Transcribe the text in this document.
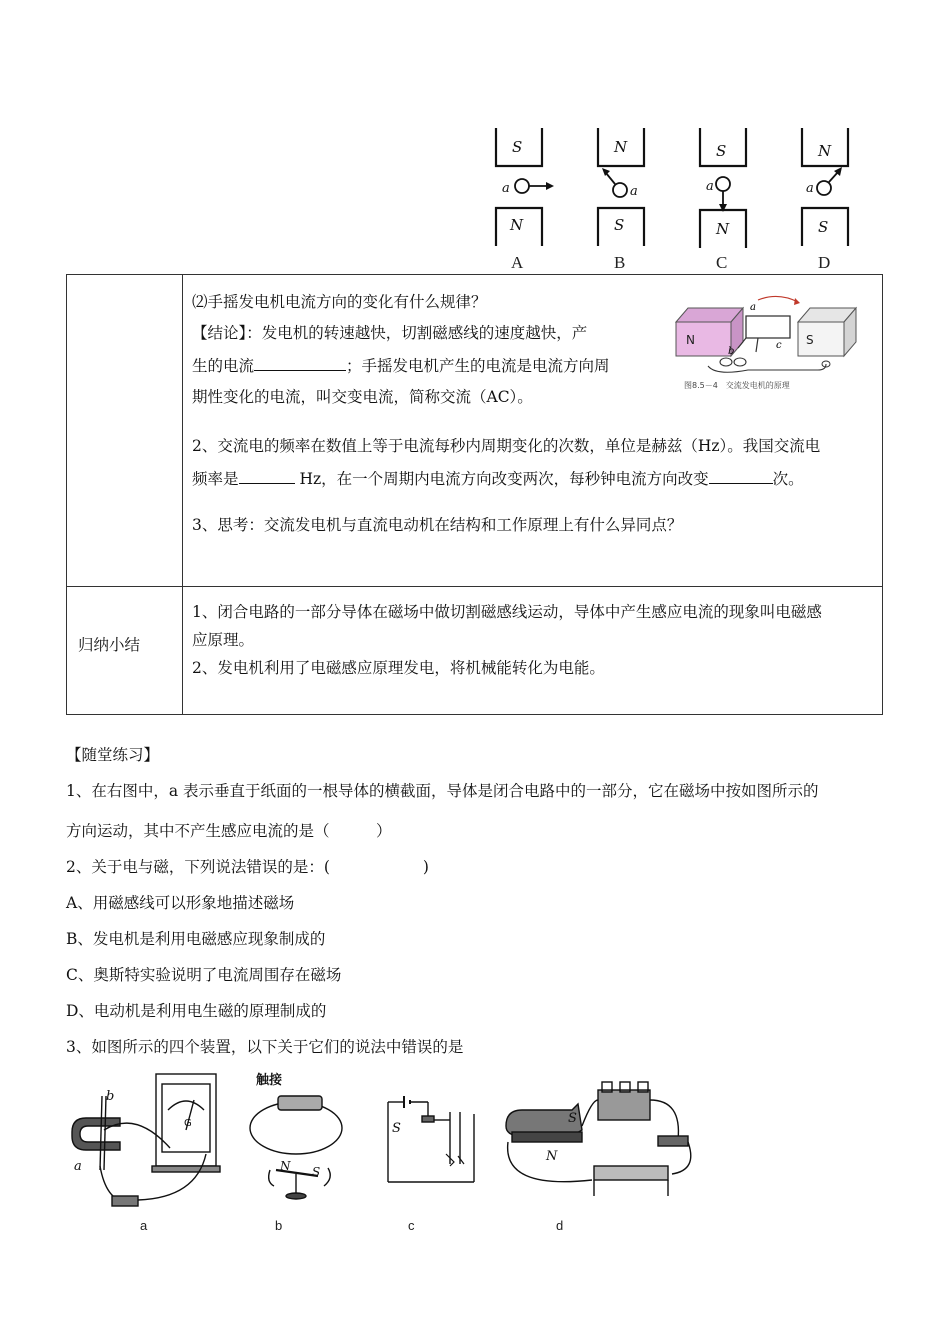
S
a
N
N
a
S
S
a
N
N
a
S
A	B	C	D
⑵手摇发电机电流方向的变化有什么规律？
【结论】：发电机的转速越快，切割磁感线的速度越快，产
生的电流	；手摇发电机产生的电流是电流方向周
期性变化的电流，叫交变电流，简称交流（AC）。
N	S
a
b
c
图8.5－4　交流发电机的原理
2、交流电的频率在数值上等于电流每秒内周期变化的次数，单位是赫兹（Hz）。我国交流电
频率是	Hz，在一个周期内电流方向改变两次，每秒钟电流方向改变	次。
3、思考：交流发电机与直流电动机在结构和工作原理上有什么异同点？
归纳小结
1、闭合电路的一部分导体在磁场中做切割磁感线运动，导体中产生感应电流的现象叫电磁感
应原理。
2、发电机利用了电磁感应原理发电，将机械能转化为电能。
【随堂练习】
1、在右图中，a 表示垂直于纸面的一根导体的横截面，导体是闭合电路中的一部分，它在磁场中按如图所示的
方向运动，其中不产生感应电流的是（　　　）
2、关于电与磁，下列说法错误的是：(　　　　　　)
A、用磁感线可以形象地描述磁场
B、发电机是利用电磁感应现象制成的
C、奥斯特实验说明了电流周围存在磁场
D、电动机是利用电生磁的原理制成的
3、如图所示的四个装置，以下关于它们的说法中错误的是
b
a
G
触接
N S
S
S
N
a	b	c	d
